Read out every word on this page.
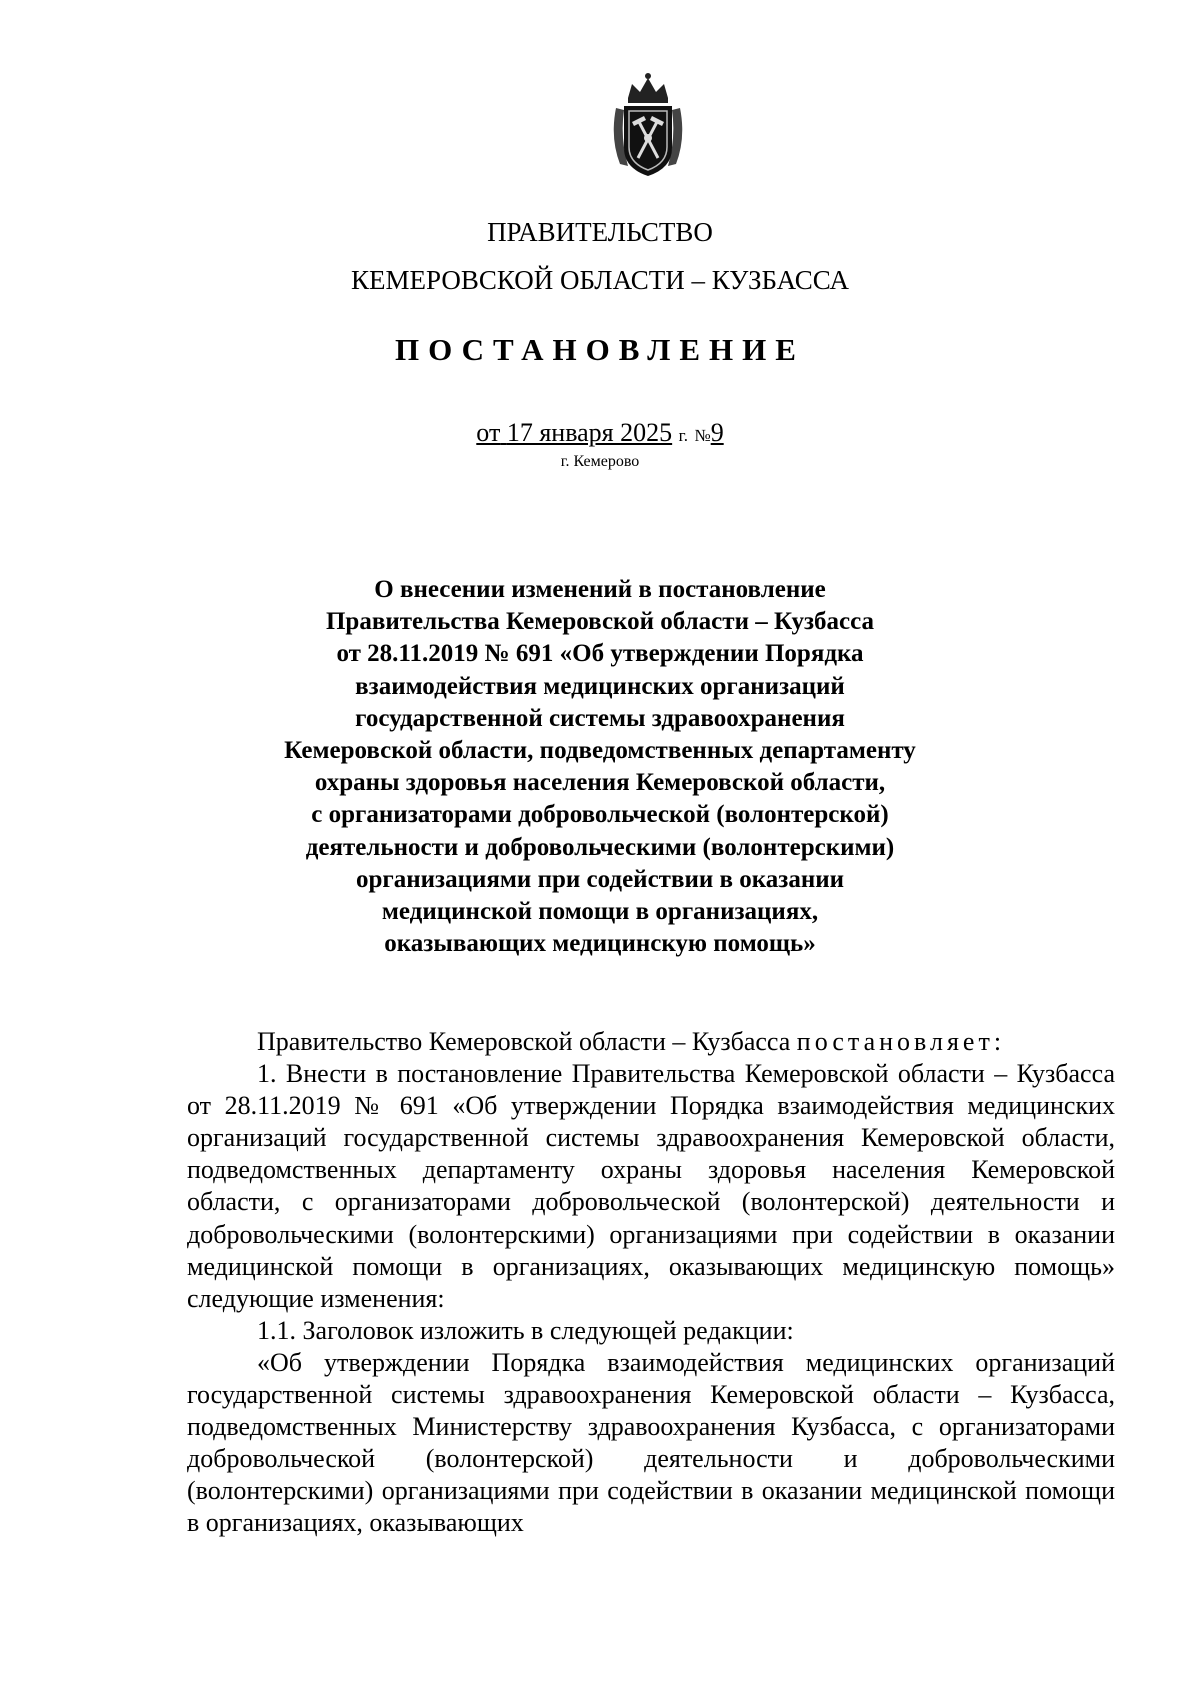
ПРАВИТЕЛЬСТВО
КЕМЕРОВСКОЙ ОБЛАСТИ – КУЗБАССА
ПОСТАНОВЛЕНИЕ
от 17 января 2025 г. №9
г. Кемерово
О внесении изменений в постановление
Правительства Кемеровской области – Кузбасса
от 28.11.2019 № 691 «Об утверждении Порядка
взаимодействия медицинских организаций
государственной системы здравоохранения
Кемеровской области, подведомственных департаменту
охраны здоровья населения Кемеровской области,
с организаторами добровольческой (волонтерской)
деятельности и добровольческими (волонтерскими)
организациями при содействии в оказании
медицинской помощи в организациях,
оказывающих медицинскую помощь»

Правительство Кемеровской области – Кузбасса постановляет:

1. Внести в постановление Правительства Кемеровской области – Кузбасса от 28.11.2019 № 691 «Об утверждении Порядка взаимодействия медицинских организаций государственной системы здравоохранения Кемеровской области, подведомственных департаменту охраны здоровья населения Кемеровской области, с организаторами добровольческой (волонтерской) деятельности и добровольческими (волонтерскими) организациями при содействии в оказании медицинской помощи в организациях, оказывающих медицинскую помощь» следующие изменения:

1.1. Заголовок изложить в следующей редакции:

«Об утверждении Порядка взаимодействия медицинских организаций государственной системы здравоохранения Кемеровской области – Кузбасса, подведомственных Министерству здравоохранения Кузбасса, с организаторами добровольческой (волонтерской) деятельности и добровольческими (волонтерскими) организациями при содействии в оказании медицинской помощи в организациях, оказывающих
